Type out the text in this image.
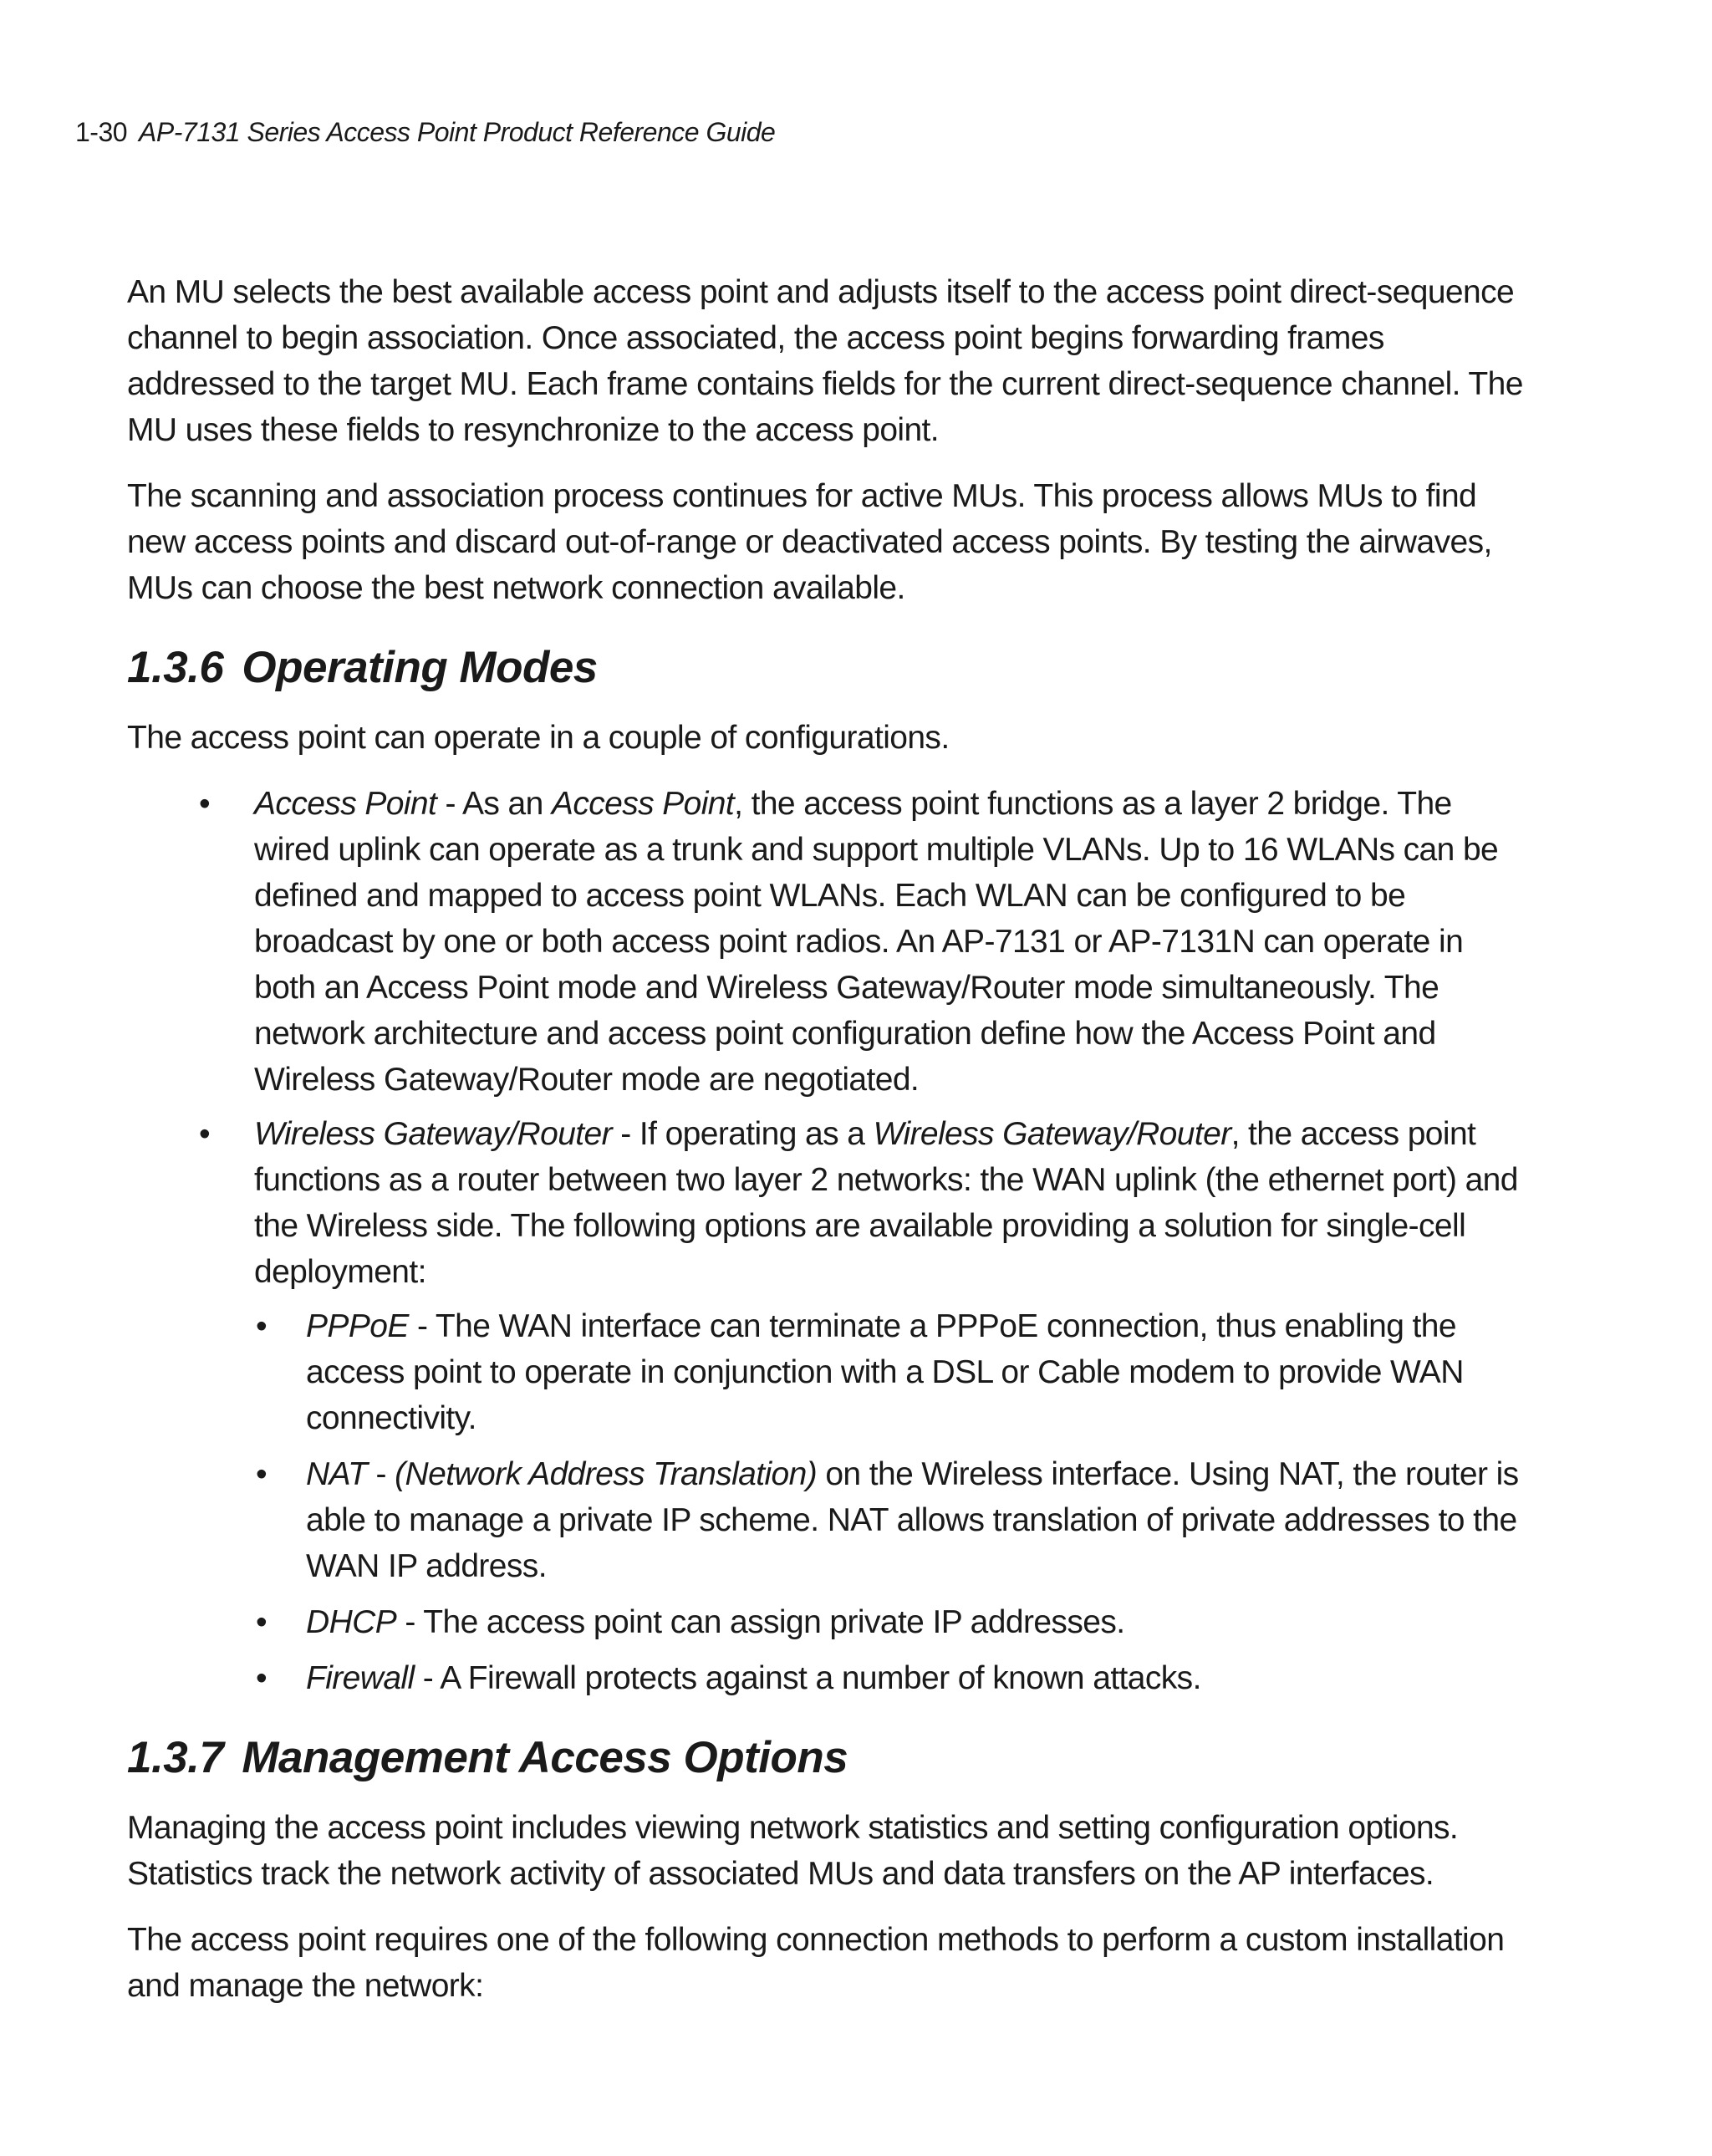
1-30 AP-7131 Series Access Point Product Reference Guide

An MU selects the best available access point and adjusts itself to the access point direct-sequence channel to begin association. Once associated, the access point begins forwarding frames addressed to the target MU. Each frame contains fields for the current direct-sequence channel. The MU uses these fields to resynchronize to the access point.

The scanning and association process continues for active MUs. This process allows MUs to find new access points and discard out-of-range or deactivated access points. By testing the airwaves, MUs can choose the best network connection available.

1.3.6 Operating Modes

The access point can operate in a couple of configurations.

• Access Point - As an Access Point, the access point functions as a layer 2 bridge. The wired uplink can operate as a trunk and support multiple VLANs. Up to 16 WLANs can be defined and mapped to access point WLANs. Each WLAN can be configured to be broadcast by one or both access point radios. An AP-7131 or AP-7131N can operate in both an Access Point mode and Wireless Gateway/Router mode simultaneously. The network architecture and access point configuration define how the Access Point and Wireless Gateway/Router mode are negotiated.
• Wireless Gateway/Router - If operating as a Wireless Gateway/Router, the access point functions as a router between two layer 2 networks: the WAN uplink (the ethernet port) and the Wireless side. The following options are available providing a solution for single-cell deployment:
• PPPoE - The WAN interface can terminate a PPPoE connection, thus enabling the access point to operate in conjunction with a DSL or Cable modem to provide WAN connectivity.
• NAT - (Network Address Translation) on the Wireless interface. Using NAT, the router is able to manage a private IP scheme. NAT allows translation of private addresses to the WAN IP address.
• DHCP - The access point can assign private IP addresses.
• Firewall - A Firewall protects against a number of known attacks.
1.3.7 Management Access Options

Managing the access point includes viewing network statistics and setting configuration options. Statistics track the network activity of associated MUs and data transfers on the AP interfaces.

The access point requires one of the following connection methods to perform a custom installation and manage the network:
